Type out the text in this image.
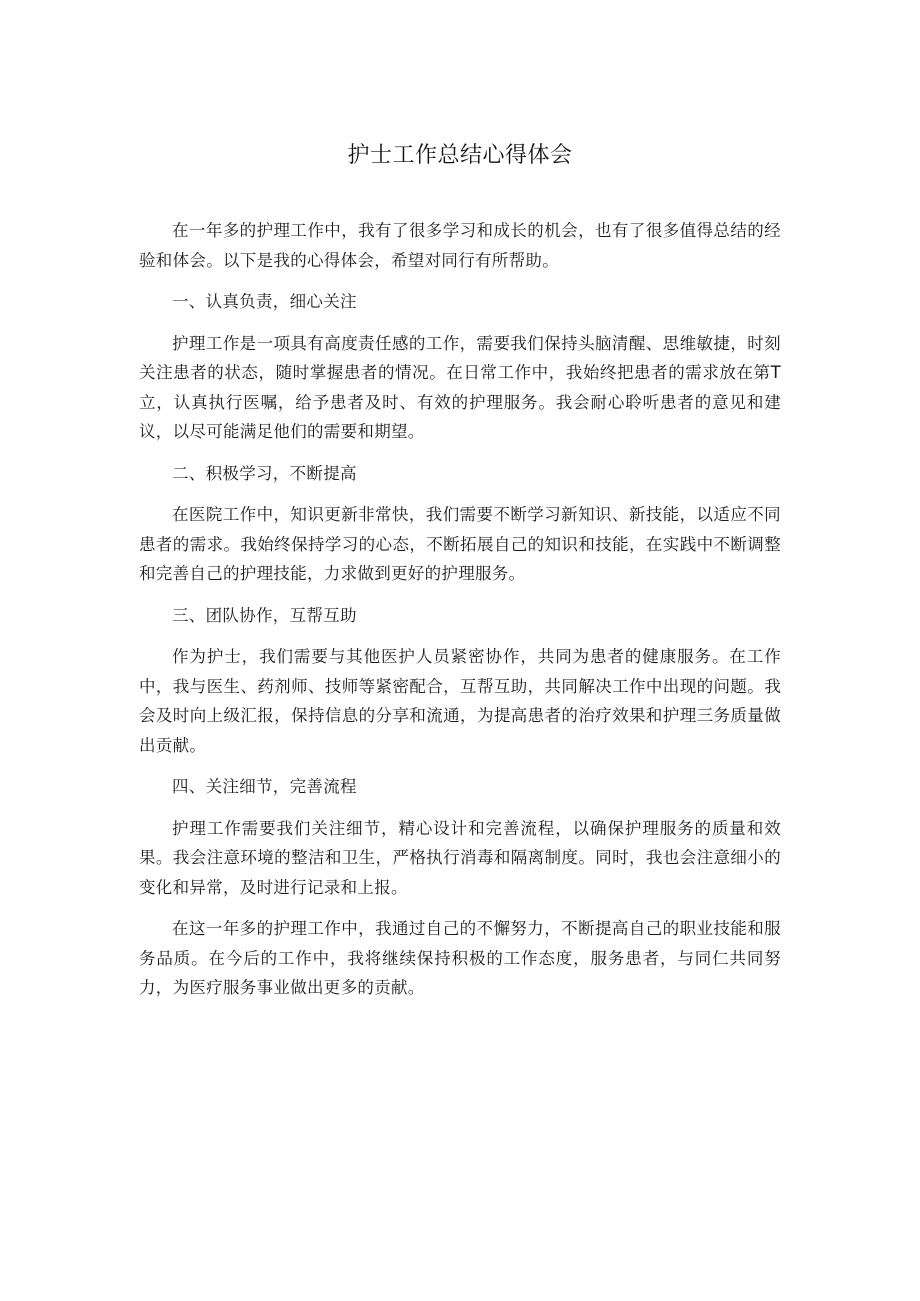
护士工作总结心得体会

在一年多的护理工作中，我有了很多学习和成长的机会，也有了很多值得总结的经验和体会。以下是我的心得体会，希望对同行有所帮助。

一、认真负责，细心关注

护理工作是一项具有高度责任感的工作，需要我们保持头脑清醒、思维敏捷，时刻关注患者的状态，随时掌握患者的情况。在日常工作中，我始终把患者的需求放在第T立，认真执行医嘱，给予患者及时、有效的护理服务。我会耐心聆听患者的意见和建议，以尽可能满足他们的需要和期望。

二、积极学习，不断提高

在医院工作中，知识更新非常快，我们需要不断学习新知识、新技能，以适应不同患者的需求。我始终保持学习的心态，不断拓展自己的知识和技能，在实践中不断调整和完善自己的护理技能，力求做到更好的护理服务。

三、团队协作，互帮互助

作为护士，我们需要与其他医护人员紧密协作，共同为患者的健康服务。在工作中，我与医生、药剂师、技师等紧密配合，互帮互助，共同解决工作中出现的问题。我会及时向上级汇报，保持信息的分享和流通，为提高患者的治疗效果和护理三务质量做出贡献。

四、关注细节，完善流程

护理工作需要我们关注细节，精心设计和完善流程，以确保护理服务的质量和效果。我会注意环境的整洁和卫生，严格执行消毒和隔离制度。同时，我也会注意细小的变化和异常，及时进行记录和上报。

在这一年多的护理工作中，我通过自己的不懈努力，不断提高自己的职业技能和服务品质。在今后的工作中，我将继续保持积极的工作态度，服务患者，与同仁共同努力，为医疗服务事业做出更多的贡献。
